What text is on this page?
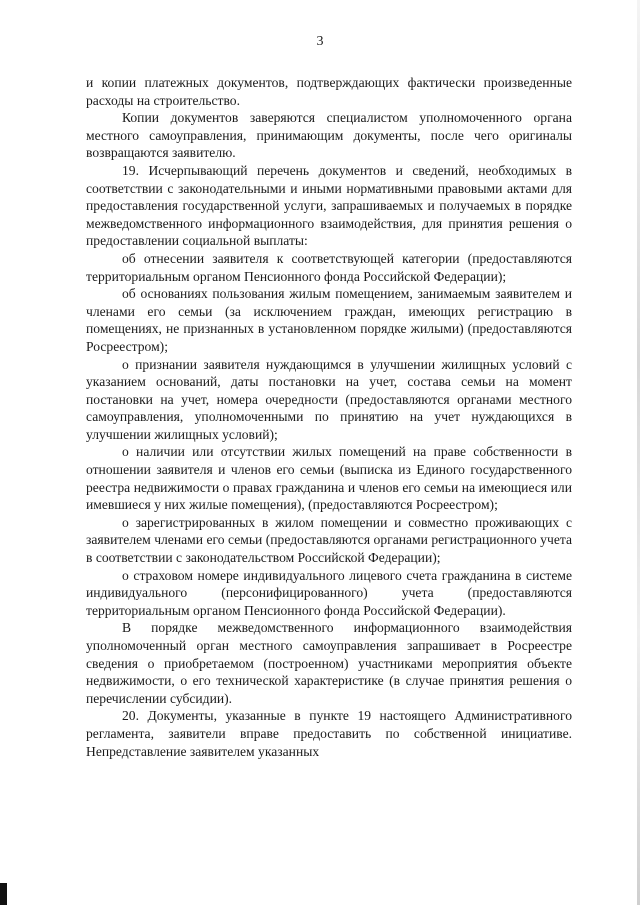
3

и копии платежных документов, подтверждающих фактически произведенные расходы на строительство.

Копии документов заверяются специалистом уполномоченного органа местного самоуправления, принимающим документы, после чего оригиналы возвращаются заявителю.

19. Исчерпывающий перечень документов и сведений, необходимых в соответствии с законодательными и иными нормативными правовыми актами для предоставления государственной услуги, запрашиваемых и получаемых в порядке межведомственного информационного взаимодействия, для принятия решения о предоставлении социальной выплаты:

об отнесении заявителя к соответствующей категории (предоставляются территориальным органом Пенсионного фонда Российской Федерации);

об основаниях пользования жилым помещением, занимаемым заявителем и членами его семьи (за исключением граждан, имеющих регистрацию в помещениях, не признанных в установленном порядке жилыми) (предоставляются Росреестром);

о признании заявителя нуждающимся в улучшении жилищных условий с указанием оснований, даты постановки на учет, состава семьи на момент постановки на учет, номера очередности (предоставляются органами местного самоуправления, уполномоченными по принятию на учет нуждающихся в улучшении жилищных условий);

о наличии или отсутствии жилых помещений на праве собственности в отношении заявителя и членов его семьи (выписка из Единого государственного реестра недвижимости о правах гражданина и членов его семьи на имеющиеся или имевшиеся у них жилые помещения), (предоставляются Росреестром);

о зарегистрированных в жилом помещении и совместно проживающих с заявителем членами его семьи (предоставляются органами регистрационного учета в соответствии с законодательством Российской Федерации);

о страховом номере индивидуального лицевого счета гражданина в системе индивидуального (персонифицированного) учета (предоставляются территориальным органом Пенсионного фонда Российской Федерации).

В порядке межведомственного информационного взаимодействия уполномоченный орган местного самоуправления запрашивает в Росреестре сведения о приобретаемом (построенном) участниками мероприятия объекте недвижимости, о его технической характеристике (в случае принятия решения о перечислении субсидии).

20. Документы, указанные в пункте 19 настоящего Административного регламента, заявители вправе предоставить по собственной инициативе. Непредставление заявителем указанных
